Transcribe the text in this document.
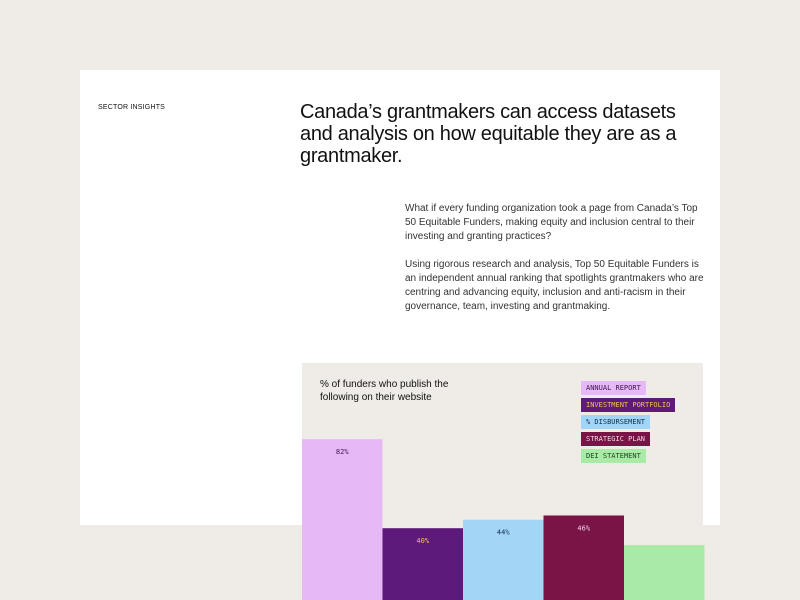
SECTOR INSIGHTS	Canada’s grantmakers can access datasets and analysis on how equitable they are as a grantmaker.

What if every funding organization took a page from Canada’s Top 50 Equitable Funders, making equity and inclusion central to their investing and granting practices?

Using rigorous research and analysis, Top 50 Equitable Funders is an independent annual ranking that spotlights grantmakers who are centring and advancing equity, inclusion and anti-racism in their governance, team, investing and grantmaking.

% of funders who publish the following on their website

ANNUAL REPORT
INVESTMENT PORTFOLIO
% DISBURSEMENT
STRATEGIC PLAN
DEI STATEMENT
82%
40%
44%
46%
